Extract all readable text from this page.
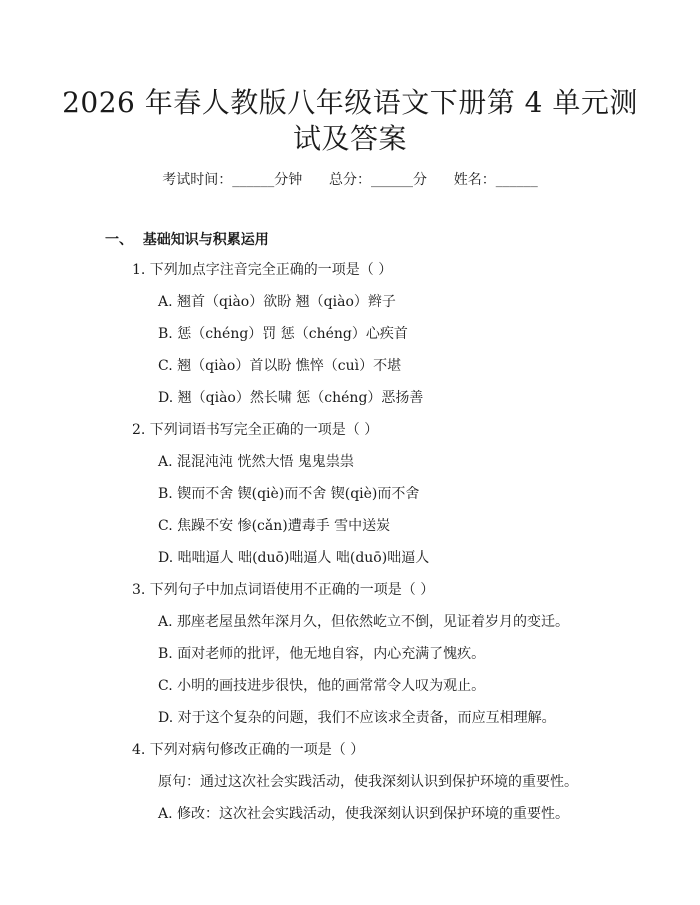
2026 年春人教版八年级语文下册第 4 单元测
试及答案
考试时间：______分钟      总分：______分      姓名：______
一、  基础知识与积累运用
1. 下列加点字注音完全正确的一项是（ ）
A. 翘首（qiào）欲盼 翘（qiào）辫子
B. 惩（chéng）罚 惩（chéng）心疾首
C. 翘（qiào）首以盼 憔悴（cuì）不堪
D. 翘（qiào）然长啸 惩（chéng）恶扬善
2. 下列词语书写完全正确的一项是（ ）
A. 混混沌沌 恍然大悟 鬼鬼祟祟
B. 锲而不舍 锲(qiè)而不舍 锲(qiè)而不舍
C. 焦躁不安 惨(cǎn)遭毒手 雪中送炭
D. 咄咄逼人 咄(duō)咄逼人 咄(duō)咄逼人
3. 下列句子中加点词语使用不正确的一项是（ ）
A. 那座老屋虽然年深月久，但依然屹立不倒，见证着岁月的变迁。
B. 面对老师的批评，他无地自容，内心充满了愧疚。
C. 小明的画技进步很快，他的画常常令人叹为观止。
D. 对于这个复杂的问题，我们不应该求全责备，而应互相理解。
4. 下列对病句修改正确的一项是（ ）
原句：通过这次社会实践活动，使我深刻认识到保护环境的重要性。
A. 修改：这次社会实践活动，使我深刻认识到保护环境的重要性。
